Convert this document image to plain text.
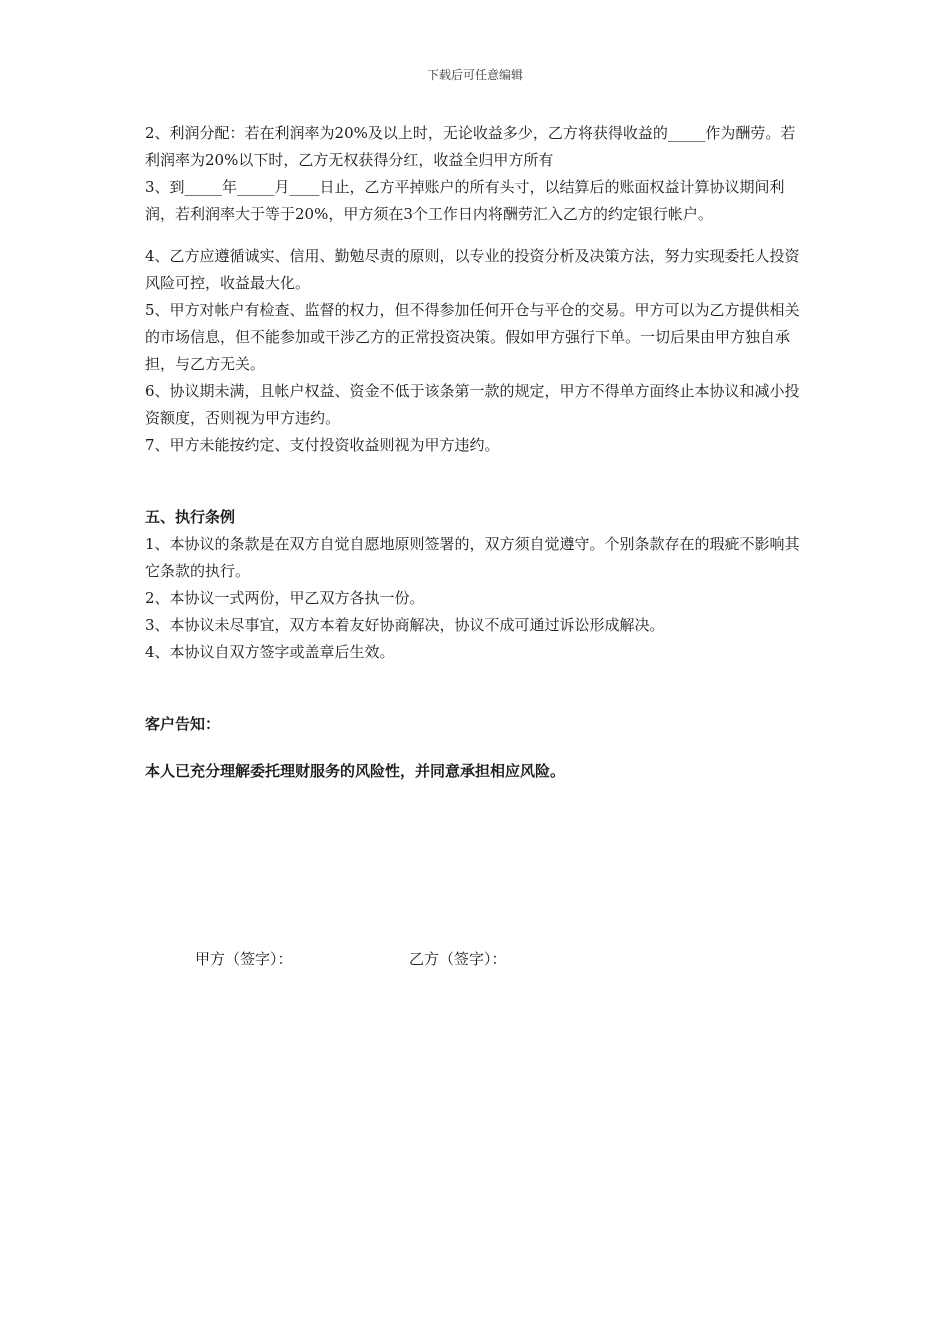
下载后可任意编辑

2、利润分配：若在利润率为20%及以上时，无论收益多少，乙方将获得收益的_____作为酬劳。若利润率为20%以下时，乙方无权获得分红，收益全归甲方所有

3、到_____年_____月____日止，乙方平掉账户的所有头寸，以结算后的账面权益计算协议期间利润，若利润率大于等于20%，甲方须在3个工作日内将酬劳汇入乙方的约定银行帐户。

4、乙方应遵循诚实、信用、勤勉尽责的原则，以专业的投资分析及决策方法，努力实现委托人投资风险可控，收益最大化。

5、甲方对帐户有检查、监督的权力，但不得参加任何开仓与平仓的交易。甲方可以为乙方提供相关的市场信息，但不能参加或干涉乙方的正常投资决策。假如甲方强行下单。一切后果由甲方独自承担，与乙方无关。

6、协议期未满，且帐户权益、资金不低于该条第一款的规定，甲方不得单方面终止本协议和减小投资额度，否则视为甲方违约。

7、甲方未能按约定、支付投资收益则视为甲方违约。

五、执行条例

1、本协议的条款是在双方自觉自愿地原则签署的，双方须自觉遵守。个别条款存在的瑕疵不影响其它条款的执行。

2、本协议一式两份，甲乙双方各执一份。

3、本协议未尽事宜，双方本着友好协商解决，协议不成可通过诉讼形成解决。

4、本协议自双方签字或盖章后生效。

客户告知：

本人已充分理解委托理财服务的风险性，并同意承担相应风险。

甲方（签字）：	乙方（签字）：
